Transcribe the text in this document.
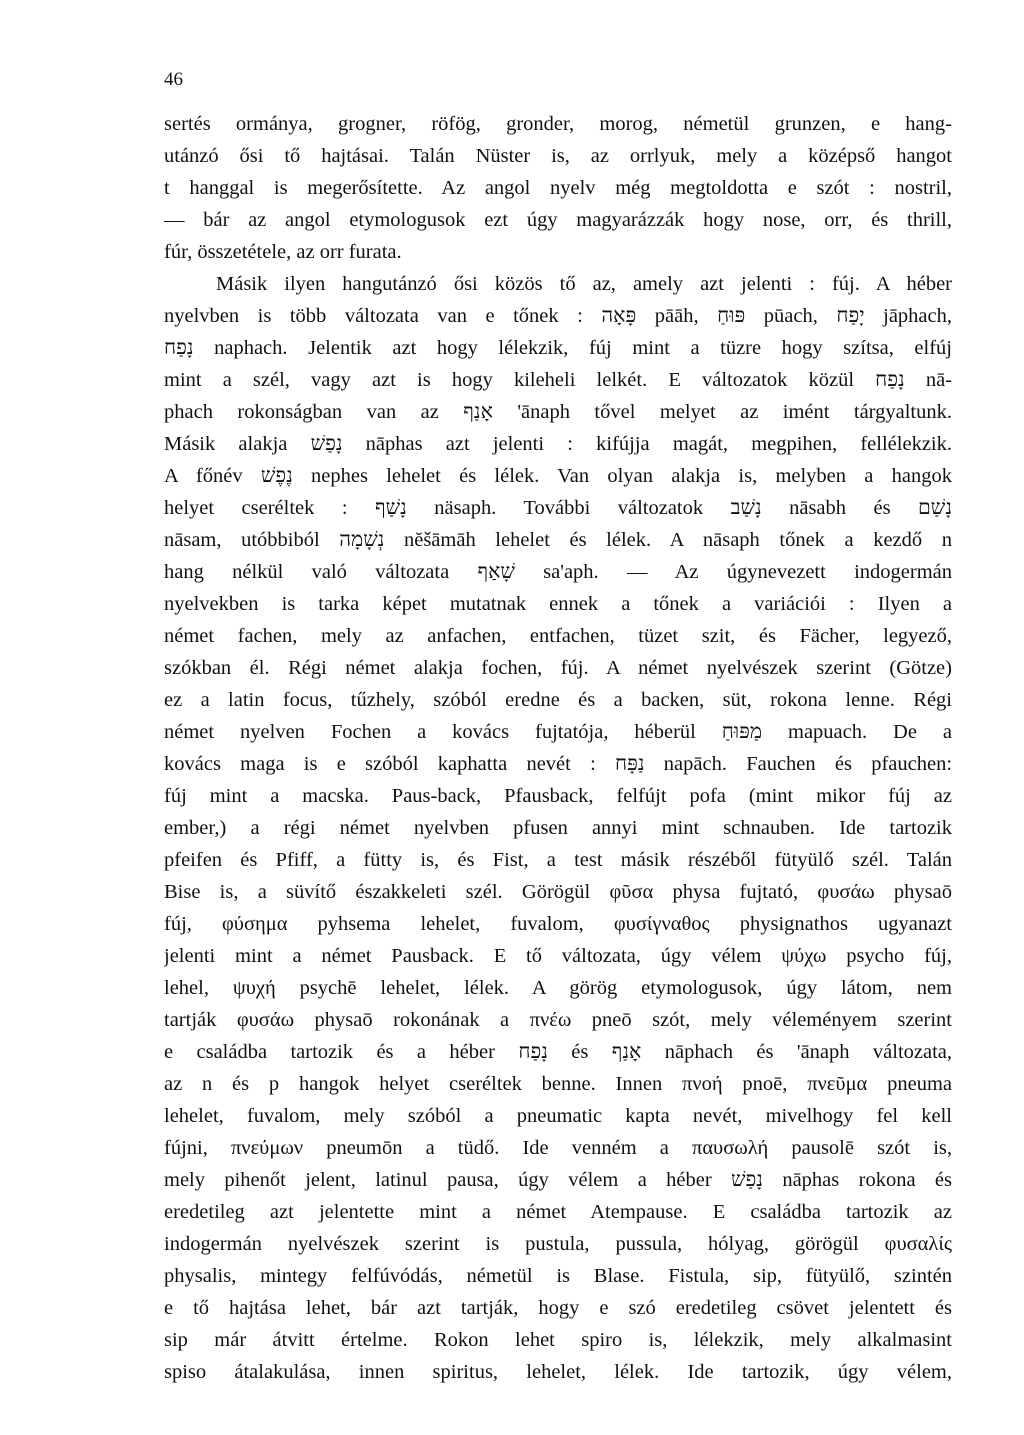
46
sertés ormánya, grogner, röfög, gronder, morog, németül grunzen, e hang-
utánzó ősi tő hajtásai. Talán Nüster is, az orrlyuk, mely a középső hangot
t hanggal is megerősítette. Az angol nyelv még megtoldotta e szót : nostril,
— bár az angol etymologusok ezt úgy magyarázzák hogy nose, orr, és thrill,
fúr, összetétele, az orr furata.
Másik ilyen hangutánzó ősi közös tő az, amely azt jelenti : fúj. A héber
nyelvben is több változata van e tőnek : פָּאָה pāāh, פּוּחַ pūach, יָפַח jāphach,
נָפַח naphach. Jelentik azt hogy lélekzik, fúj mint a tüzre hogy szítsa, elfúj
mint a szél, vagy azt is hogy kileheli lelkét. E változatok közül נָפַח nā-
phach rokonságban van az אָנַף 'ānaph tővel melyet az imént tárgyaltunk.
Másik alakja נָפַשׁ nāphas azt jelenti : kifújja magát, megpihen, fellélekzik.
A főnév נֶפֶשׁ nephes lehelet és lélek. Van olyan alakja is, melyben a hangok
helyet cseréltek : נָשַׁף näsaph. További változatok נָשַׁב nāsabh és נָשַׁם
nāsam, utóbbiból נְשָׁמָה nĕšāmāh lehelet és lélek. A nāsaph tőnek a kezdő n
hang nélkül való változata שָׁאַף sa'aph. — Az úgynevezett indogermán
nyelvekben is tarka képet mutatnak ennek a tőnek a variációi : Ilyen a
német fachen, mely az anfachen, entfachen, tüzet szit, és Fächer, legyező,
szókban él. Régi német alakja fochen, fúj. A német nyelvészek szerint (Götze)
ez a latin focus, tűzhely, szóból eredne és a backen, süt, rokona lenne. Régi
német nyelven Fochen a kovács fujtatója, héberül מַפּוּחַ mapuach. De a
kovács maga is e szóból kaphatta nevét : נַפָּח napāch. Fauchen és pfauchen:
fúj mint a macska. Paus-back, Pfausback, felfújt pofa (mint mikor fúj az
ember,) a régi német nyelvben pfusen annyi mint schnauben. Ide tartozik
pfeifen és Pfiff, a fütty is, és Fist, a test másik részéből fütyülő szél. Talán
Bise is, a süvítő északkeleti szél. Görögül φῦσα physa fujtató, φυσάω physaō
fúj, φύσημα pyhsema lehelet, fuvalom, φυσίγναθος physignathos ugyanazt
jelenti mint a német Pausback. E tő változata, úgy vélem ψύχω psycho fúj,
lehel, ψυχή psychē lehelet, lélek. A görög etymologusok, úgy látom, nem
tartják φυσάω physaō rokonának a πνέω pneō szót, mely véleményem szerint
e családba tartozik és a héber נָפַח és אָנַף nāphach és 'ānaph változata,
az n és p hangok helyet cseréltek benne. Innen πνοή pnoē, πνεῦμα pneuma
lehelet, fuvalom, mely szóból a pneumatic kapta nevét, mivelhogy fel kell
fújni, πνεύμων pneumōn a tüdő. Ide venném a παυσωλή pausolē szót is,
mely pihenőt jelent, latinul pausa, úgy vélem a héber נָפַשׁ nāphas rokona és
eredetileg azt jelentette mint a német Atempause. E családba tartozik az
indogermán nyelvészek szerint is pustula, pussula, hólyag, görögül φυσαλίς
physalis, mintegy felfúvódás, németül is Blase. Fistula, sip, fütyülő, szintén
e tő hajtása lehet, bár azt tartják, hogy e szó eredetileg csövet jelentett és
sip már átvitt értelme. Rokon lehet spiro is, lélekzik, mely alkalmasint
spiso átalakulása, innen spiritus, lehelet, lélek. Ide tartozik, úgy vélem,
